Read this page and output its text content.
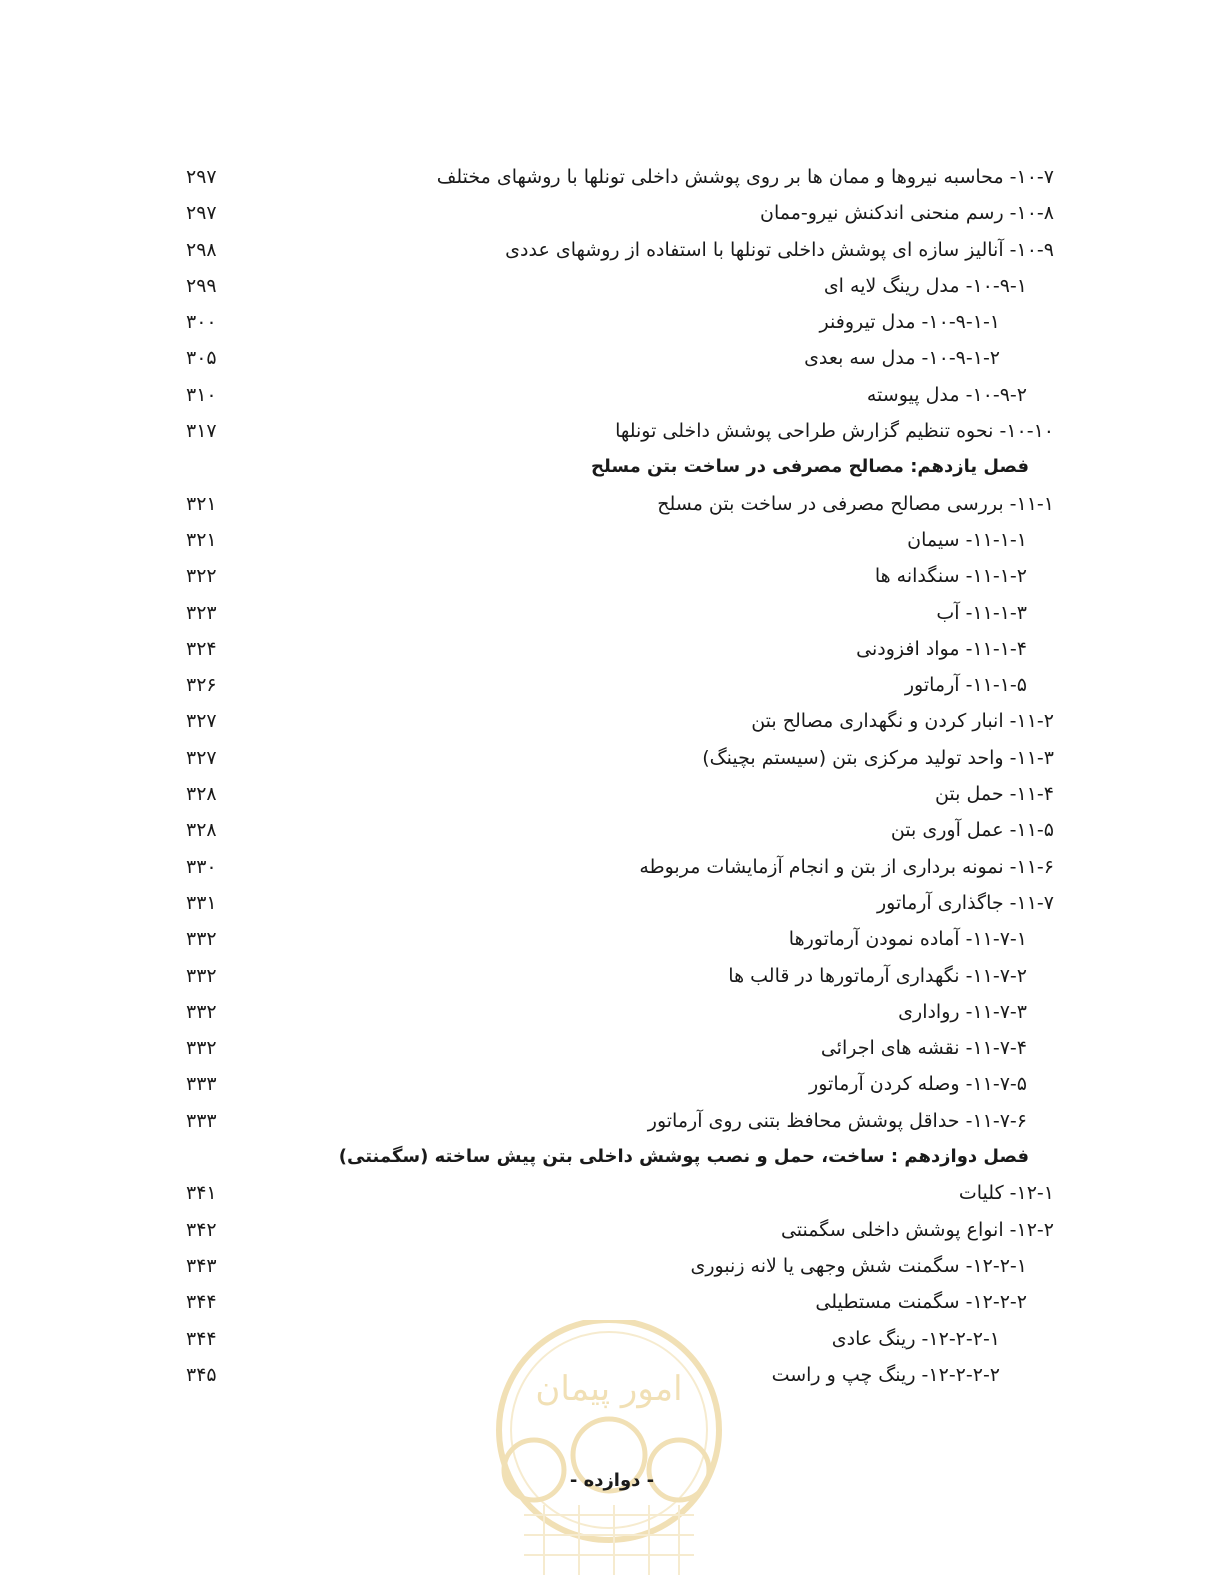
امور پیمان
۱۰-۷- محاسبه نیروها و ممان ها بر روی پوشش داخلی تونلها با روشهای مختلف
۲۹۷
۱۰-۸- رسم منحنی اندکنش نیرو-ممان
۲۹۷
۱۰-۹- آنالیز سازه ای پوشش داخلی تونلها با استفاده از روشهای عددی
۲۹۸
۱۰-۹-۱- مدل رینگ لایه ای
۲۹۹
۱۰-۹-۱-۱- مدل تیروفنر
۳۰۰
۱۰-۹-۱-۲- مدل سه بعدی
۳۰۵
۱۰-۹-۲- مدل پیوسته
۳۱۰
۱۰-۱۰- نحوه تنظیم گزارش طراحی پوشش داخلی تونلها
۳۱۷
فصل یازدهم: مصالح مصرفی در ساخت بتن مسلح
۱۱-۱- بررسی مصالح مصرفی در ساخت بتن مسلح
۳۲۱
۱۱-۱-۱- سیمان
۳۲۱
۱۱-۱-۲- سنگدانه ها
۳۲۲
۱۱-۱-۳- آب
۳۲۳
۱۱-۱-۴- مواد افزودنی
۳۲۴
۱۱-۱-۵- آرماتور
۳۲۶
۱۱-۲- انبار کردن و نگهداری مصالح بتن
۳۲۷
۱۱-۳- واحد تولید مرکزی بتن (سیستم بچینگ)
۳۲۷
۱۱-۴- حمل بتن
۳۲۸
۱۱-۵- عمل آوری بتن
۳۲۸
۱۱-۶- نمونه برداری از بتن و انجام آزمایشات مربوطه
۳۳۰
۱۱-۷- جاگذاری آرماتور
۳۳۱
۱۱-۷-۱- آماده نمودن آرماتورها
۳۳۲
۱۱-۷-۲- نگهداری آرماتورها در قالب ها
۳۳۲
۱۱-۷-۳- رواداری
۳۳۲
۱۱-۷-۴- نقشه های اجرائی
۳۳۲
۱۱-۷-۵- وصله کردن آرماتور
۳۳۳
۱۱-۷-۶- حداقل پوشش محافظ بتنی روی آرماتور
۳۳۳
فصل دوازدهم : ساخت، حمل و نصب پوشش داخلی بتن پیش ساخته (سگمنتی)
۱۲-۱- کلیات
۳۴۱
۱۲-۲- انواع پوشش داخلی سگمنتی
۳۴۲
۱۲-۲-۱- سگمنت شش وجهی یا لانه زنبوری
۳۴۳
۱۲-۲-۲- سگمنت مستطیلی
۳۴۴
۱۲-۲-۲-۱- رینگ عادی
۳۴۴
۱۲-۲-۲-۲- رینگ چپ و راست
۳۴۵
- دوازده -
